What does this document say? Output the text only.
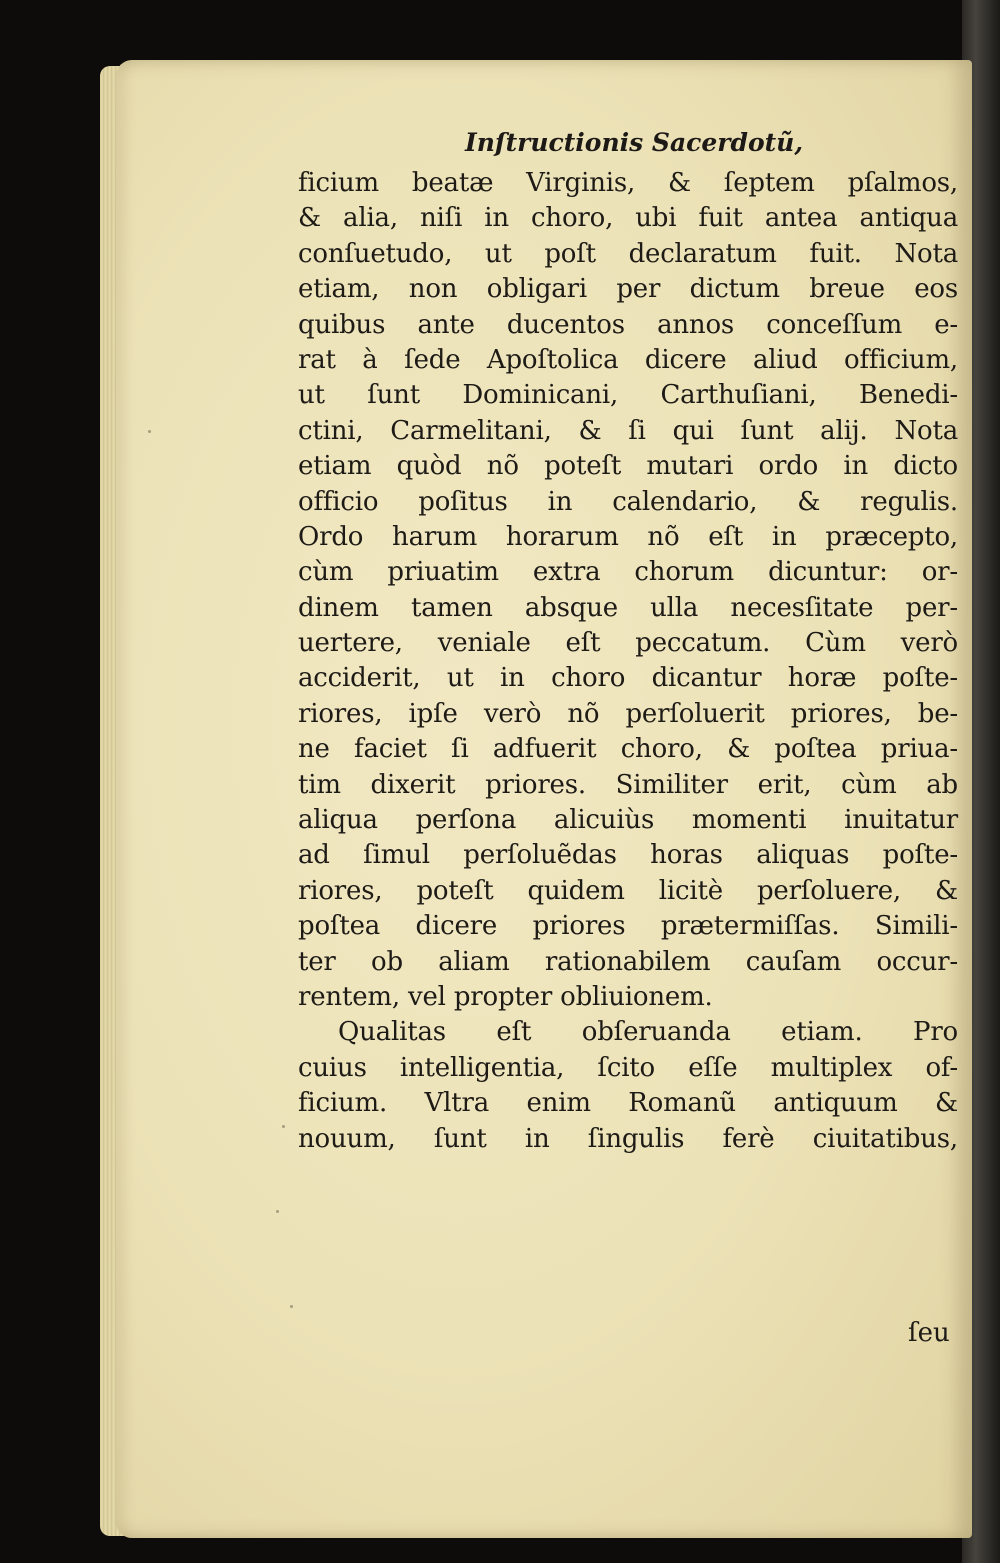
Inſtructionis Sacerdotũ,
ficium beatæ Virginis, & ſeptem pſalmos,
& alia, niſi in choro, ubi fuit antea antiqua
conſuetudo, ut poſt declaratum fuit. Nota
etiam, non obligari per dictum breue eos
quibus ante ducentos annos conceſſum e-
rat à ſede Apoſtolica dicere aliud officium,
ut ſunt Dominicani, Carthuſiani, Benedi-
ctini, Carmelitani, & ſi qui ſunt alij. Nota
etiam quòd nõ poteſt mutari ordo in dicto
officio poſitus in calendario, & regulis.
Ordo harum horarum nõ eſt in præcepto,
cùm priuatim extra chorum dicuntur: or-
dinem tamen absque ulla necesſitate per-
uertere, veniale eſt peccatum. Cùm verò
acciderit, ut in choro dicantur horæ poſte-
riores, ipſe verò nõ perſoluerit priores, be-
ne faciet ſi adfuerit choro, & poſtea priua-
tim dixerit priores. Similiter erit, cùm ab
aliqua perſona alicuiùs momenti inuitatur
ad ſimul perſoluẽdas horas aliquas poſte-
riores, poteſt quidem licitè perſoluere, &
poſtea dicere priores prætermiſſas. Simili-
ter ob aliam rationabilem cauſam occur-
rentem, vel propter obliuionem.
Qualitas eſt obſeruanda etiam. Pro
cuius intelligentia, ſcito eſſe multiplex of-
ficium. Vltra enim Romanũ antiquum &
nouum, ſunt in ſingulis ferè ciuitatibus,
ſeu
